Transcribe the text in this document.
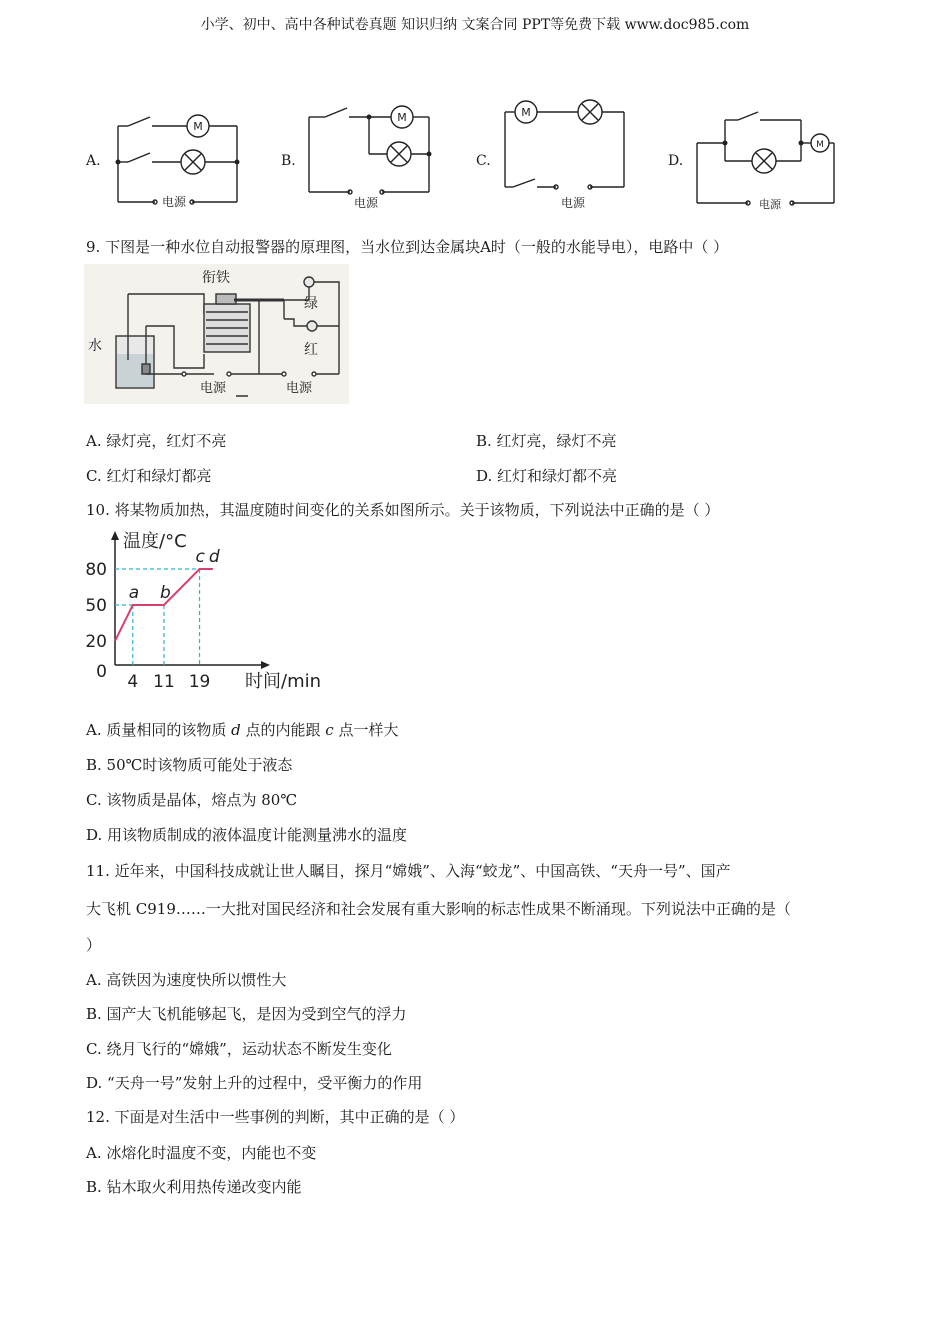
小学、初中、高中各种试卷真题 知识归纳 文案合同 PPT等免费下载 www.doc985.com
A.	B.	C.	D.
M
M	M
M
电源	电源	电源	电源
9. 下图是一种水位自动报警器的原理图，当水位到达金属块A时（一般的水能导电），电路中（ ）
衔铁
水
绿
红
电源	电源
A. 绿灯亮，红灯不亮	B. 红灯亮，绿灯不亮
C. 红灯和绿灯都亮	D. 红灯和绿灯都不亮
10. 将某物质加热，其温度随时间变化的关系如图所示。关于该物质，下列说法中正确的是（ ）
a b
c d
0
20
50
80
4 11 19
温度/°C
时间/min
A. 质量相同的该物质 d 点的内能跟 c 点一样大
B. 50℃时该物质可能处于液态
C. 该物质是晶体，熔点为 80℃
D. 用该物质制成的液体温度计能测量沸水的温度
11. 近年来，中国科技成就让世人瞩目，探月“嫦娥”、入海“蛟龙”、中国高铁、“天舟一号”、国产
大飞机 C919……一大批对国民经济和社会发展有重大影响的标志性成果不断涌现。下列说法中正确的是（
）
A. 高铁因为速度快所以惯性大
B. 国产大飞机能够起飞，是因为受到空气的浮力
C. 绕月飞行的“嫦娥”，运动状态不断发生变化
D. “天舟一号”发射上升的过程中，受平衡力的作用
12. 下面是对生活中一些事例的判断，其中正确的是（ ）
A. 冰熔化时温度不变，内能也不变
B. 钻木取火利用热传递改变内能
